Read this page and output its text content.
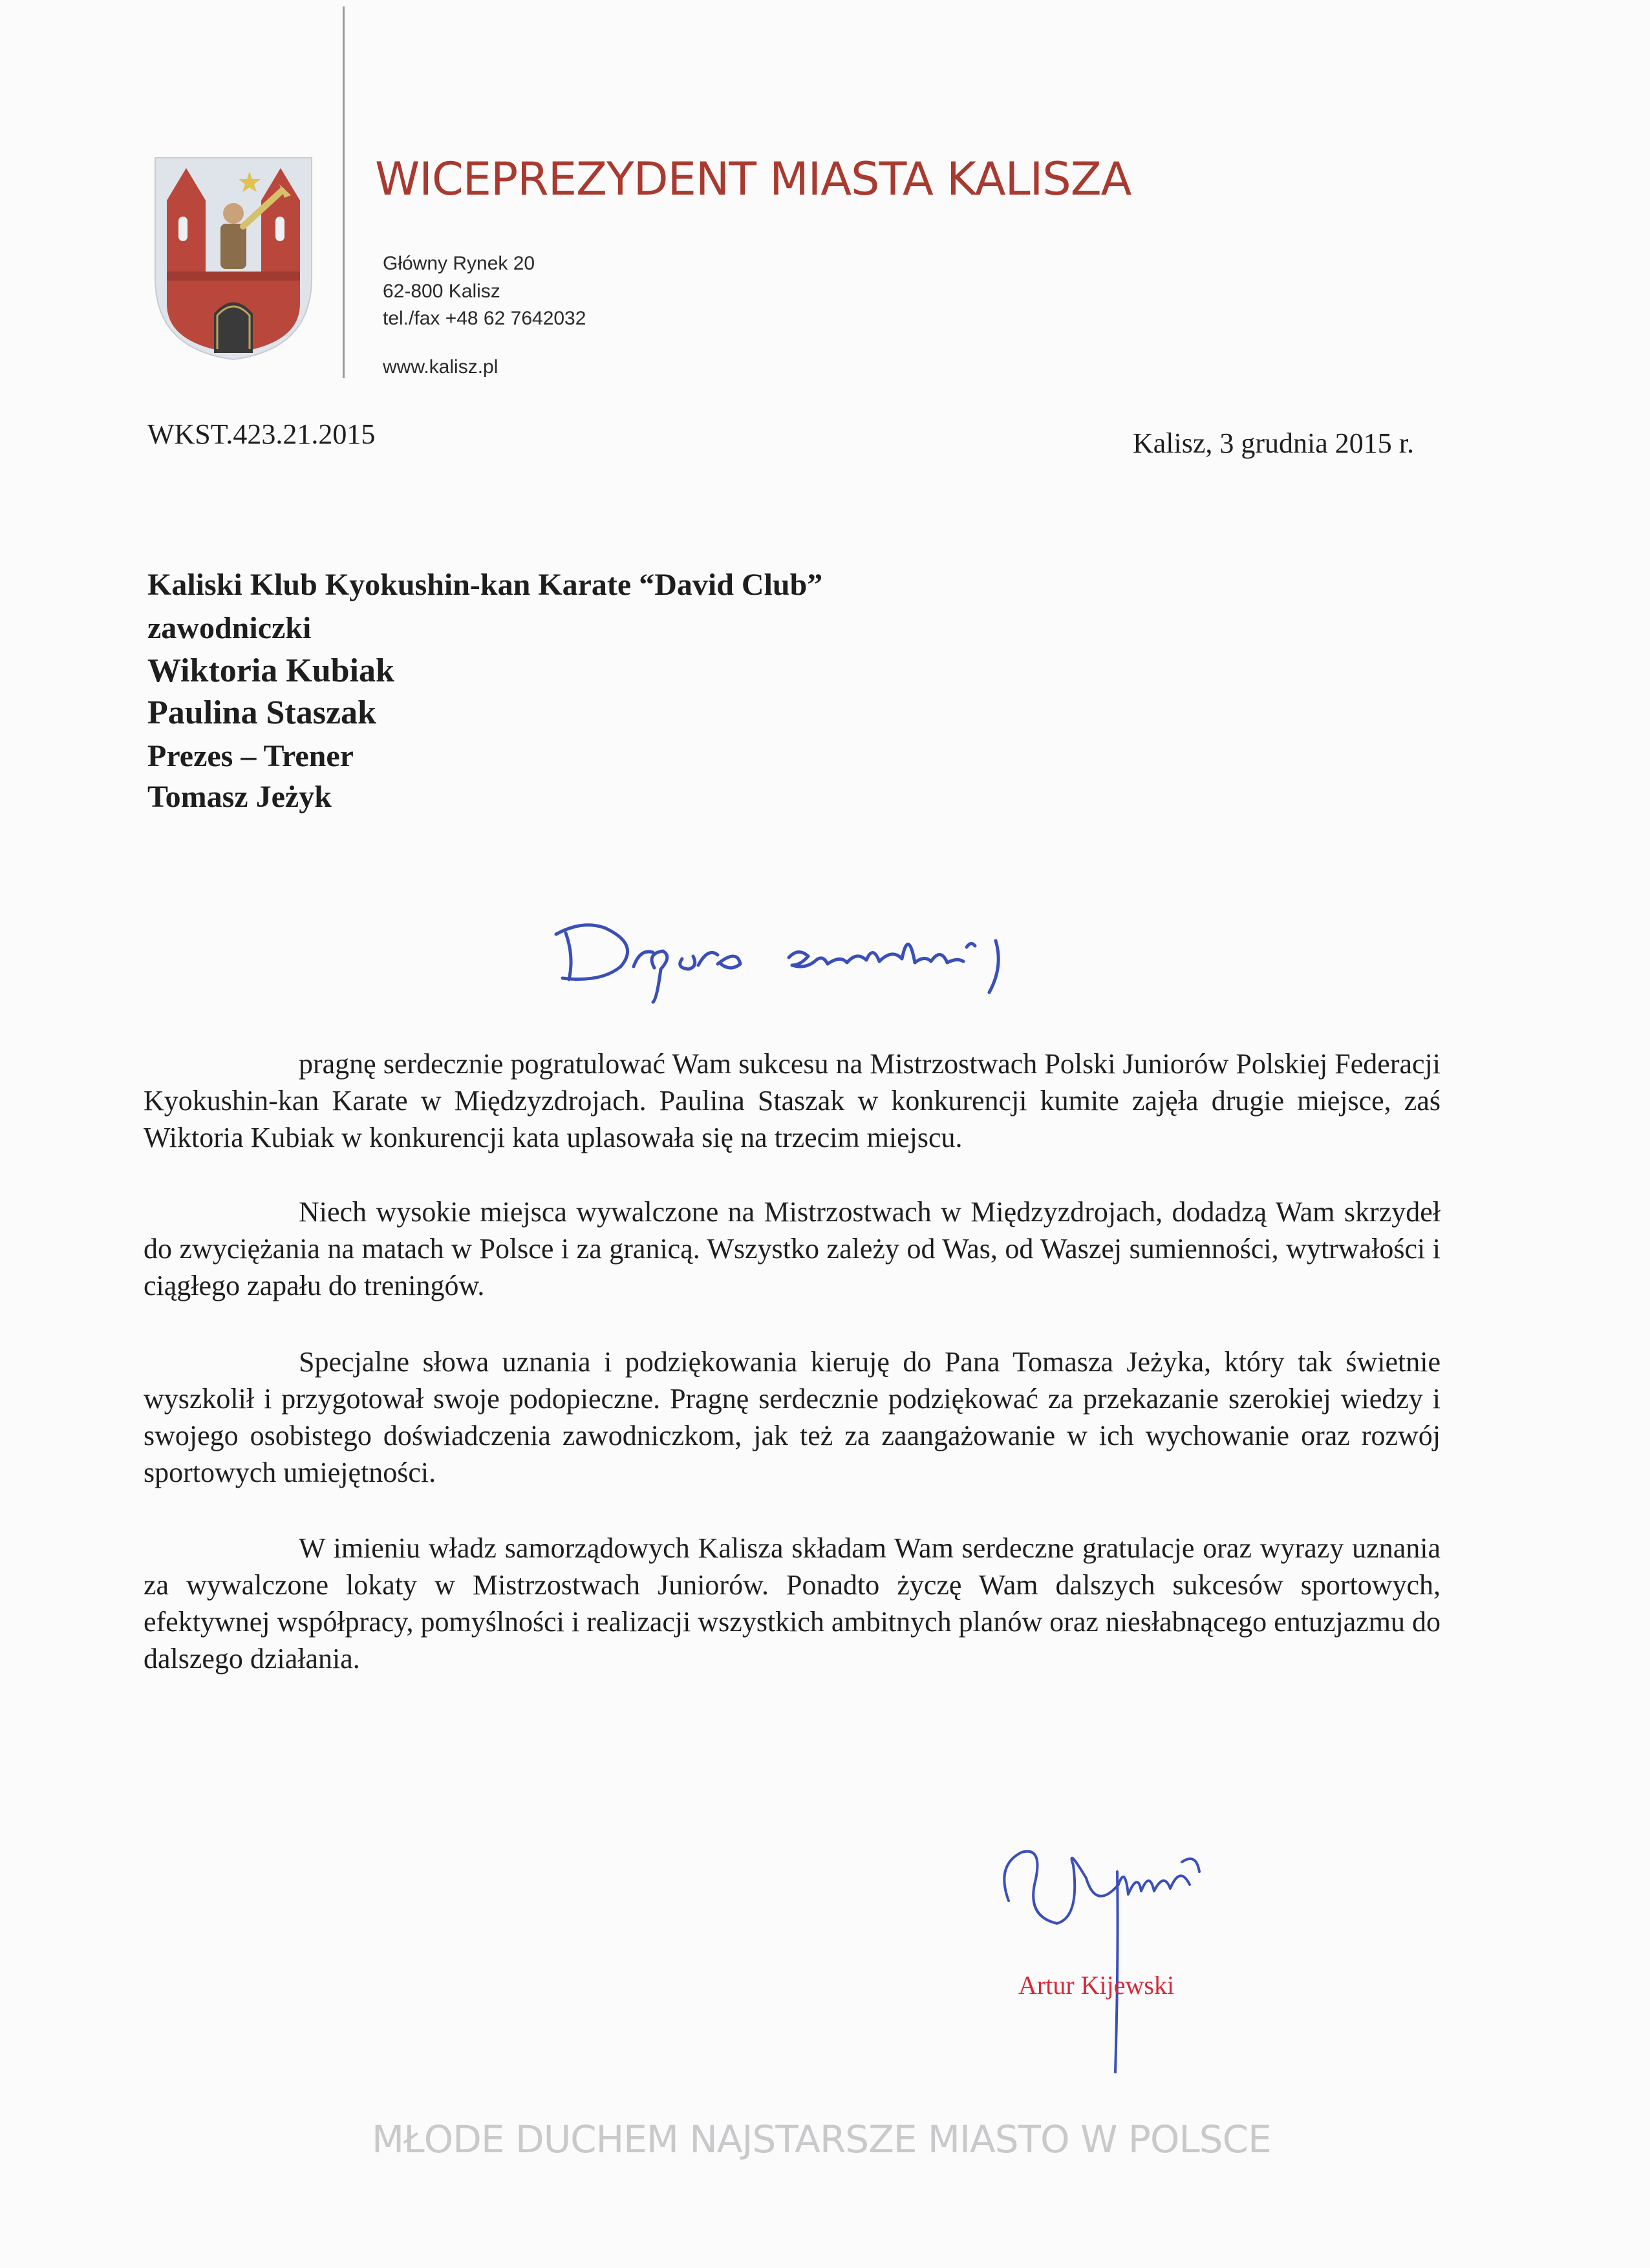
WICEPREZYDENT MIASTA KALISZA
Główny Rynek 20
62-800 Kalisz
tel./fax +48 62 7642032
www.kalisz.pl
WKST.423.21.2015	Kalisz, 3 grudnia 2015 r.
Kaliski Klub Kyokushin-kan Karate “David Club”
zawodniczki
Wiktoria Kubiak
Paulina Staszak
Prezes – Trener
Tomasz Jeżyk

pragnę serdecznie pogratulować Wam sukcesu na Mistrzostwach Polski Juniorów Polskiej Federacji Kyokushin-kan Karate w Międzyzdrojach. Paulina Staszak w konkurencji kumite zajęła drugie miejsce, zaś Wiktoria Kubiak w konkurencji kata uplasowała się na trzecim miejscu.

Niech wysokie miejsca wywalczone na Mistrzostwach w Międzyzdrojach, dodadzą Wam skrzydeł do zwyciężania na matach w Polsce i za granicą. Wszystko zależy od Was, od Waszej sumienności, wytrwałości i ciągłego zapału do treningów.

Specjalne słowa uznania i podziękowania kieruję do Pana Tomasza Jeżyka, który tak świetnie wyszkolił i przygotował swoje podopieczne. Pragnę serdecznie podziękować za przekazanie szerokiej wiedzy i swojego osobistego doświadczenia zawodniczkom, jak też za zaangażowanie w ich wychowanie oraz rozwój sportowych umiejętności.

W imieniu władz samorządowych Kalisza składam Wam serdeczne gratulacje oraz wyrazy uznania za wywalczone lokaty w Mistrzostwach Juniorów. Ponadto życzę Wam dalszych sukcesów sportowych, efektywnej współpracy, pomyślności i realizacji wszystkich ambitnych planów oraz niesłabnącego entuzjazmu do dalszego działania.

Artur Kijewski
MŁODE DUCHEM NAJSTARSZE MIASTO W POLSCE
